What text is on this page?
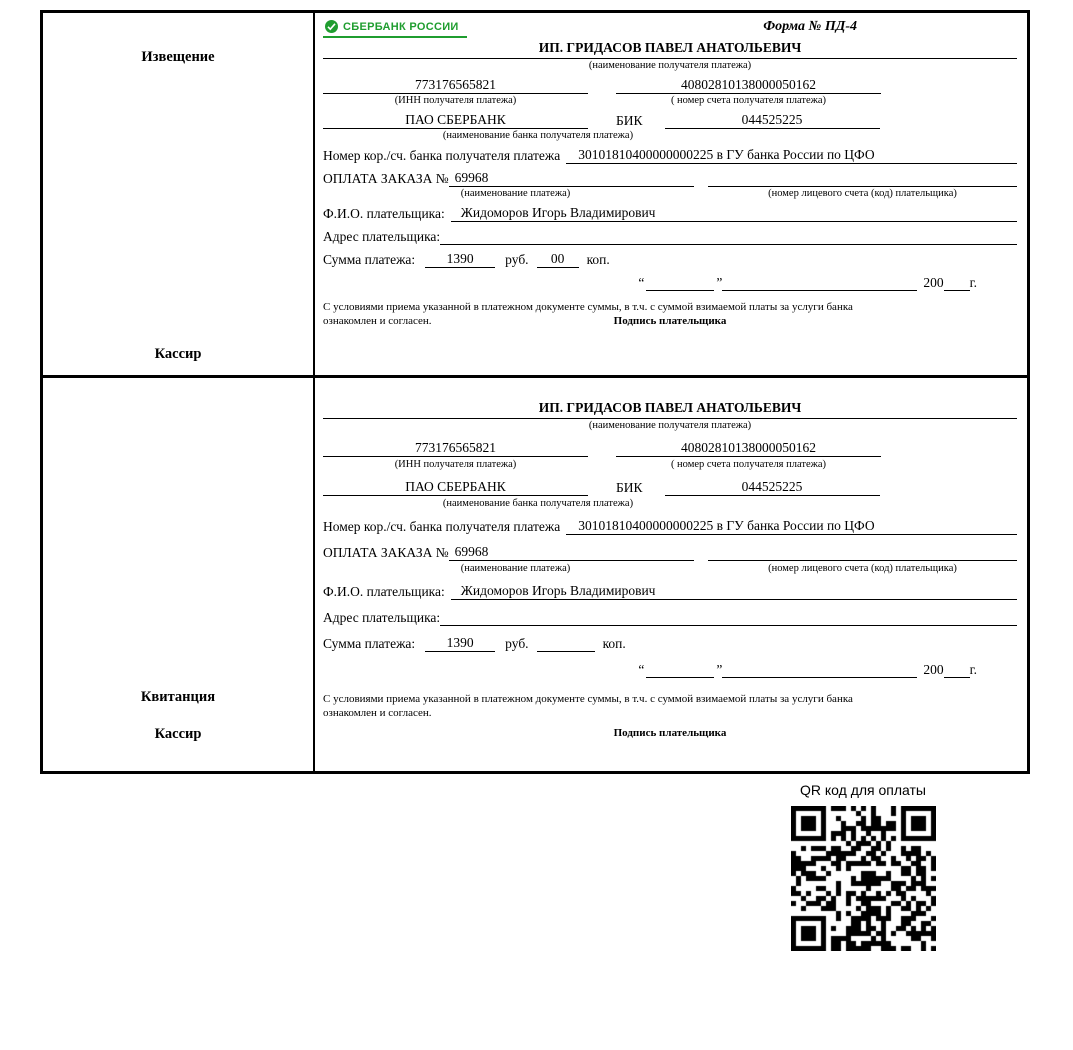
Извещение
Кассир
СБЕРБАНК РОССИИ	Форма № ПД-4
ИП. ГРИДАСОВ ПАВЕЛ АНАТОЛЬЕВИЧ
(наименование получателя платежа)
773176565821	40802810138000050162
(ИНН получателя платежа)	( номер счета получателя платежа)
ПАО СБЕРБАНК	БИК	044525225
(наименование банка получателя платежа)
Номер кор./сч. банка получателя платежа	30101810400000000225 в ГУ банка России по ЦФО
ОПЛАТА ЗАКАЗА № 69968
(наименование платежа)	(номер лицевого счета (код) плательщика)
Ф.И.О. плательщика:	Жидоморов Игорь Владимирович
Адрес плательщика:
Сумма платежа:	1390	руб.	00	коп.
“	”	200 г.
С условиями приема указанной в платежном документе суммы, в т.ч. с суммой взимаемой платы за услуги банка ознакомлен и согласен.	Подпись плательщика
Квитанция
Кассир
ИП. ГРИДАСОВ ПАВЕЛ АНАТОЛЬЕВИЧ
(наименование получателя платежа)
773176565821	40802810138000050162
(ИНН получателя платежа)	( номер счета получателя платежа)
ПАО СБЕРБАНК	БИК	044525225
(наименование банка получателя платежа)
Номер кор./сч. банка получателя платежа	30101810400000000225 в ГУ банка России по ЦФО
ОПЛАТА ЗАКАЗА № 69968
(наименование платежа)	(номер лицевого счета (код) плательщика)
Ф.И.О. плательщика:	Жидоморов Игорь Владимирович
Адрес плательщика:
Сумма платежа:	1390	руб.	коп.
“	”	200 г.
С условиями приема указанной в платежном документе суммы, в т.ч. с суммой взимаемой платы за услуги банка ознакомлен и согласен.
Подпись плательщика
QR код для оплаты
